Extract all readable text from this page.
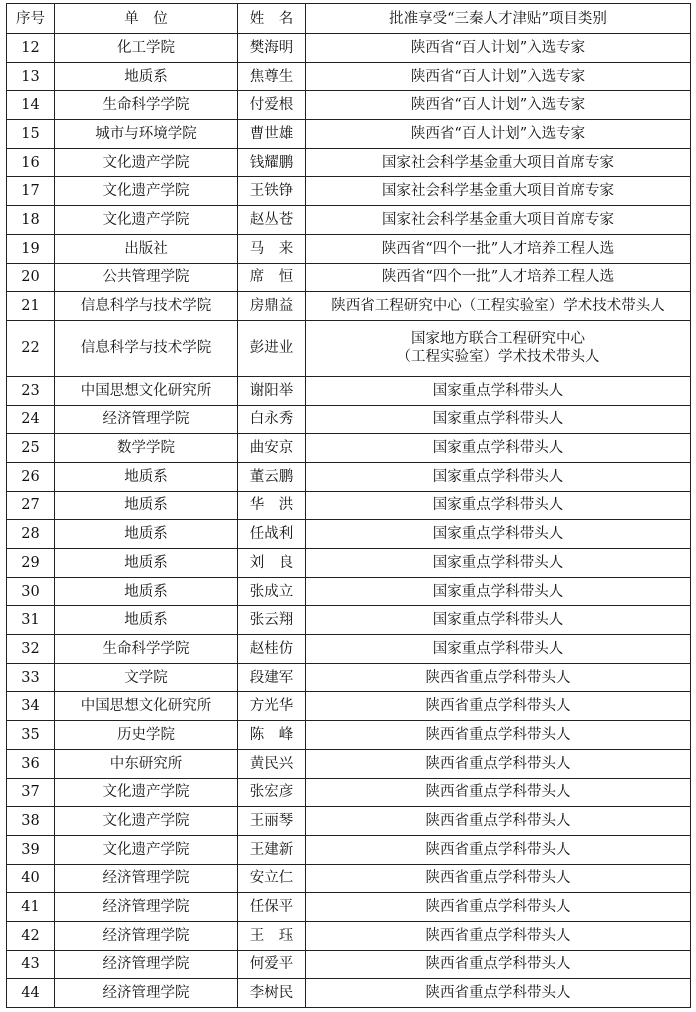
序号	单　位	姓　名	批准享受“三秦人才津贴”项目类别
12	化工学院	樊海明	陕西省“百人计划”入选专家
13	地质系	焦尊生	陕西省“百人计划”入选专家
14	生命科学学院	付爱根	陕西省“百人计划”入选专家
15	城市与环境学院	曹世雄	陕西省“百人计划”入选专家
16	文化遗产学院	钱耀鹏	国家社会科学基金重大项目首席专家
17	文化遗产学院	王铁铮	国家社会科学基金重大项目首席专家
18	文化遗产学院	赵丛苍	国家社会科学基金重大项目首席专家
19	出版社	马　来	陕西省“四个一批”人才培养工程人选
20	公共管理学院	席　恒	陕西省“四个一批”人才培养工程人选
21	信息科学与技术学院	房鼎益	陕西省工程研究中心（工程实验室）学术技术带头人
22	信息科学与技术学院	彭进业	国家地方联合工程研究中心
（工程实验室）学术技术带头人

23	中国思想文化研究所	谢阳举	国家重点学科带头人
24	经济管理学院	白永秀	国家重点学科带头人
25	数学学院	曲安京	国家重点学科带头人
26	地质系	董云鹏	国家重点学科带头人
27	地质系	华　洪	国家重点学科带头人
28	地质系	任战利	国家重点学科带头人
29	地质系	刘　良	国家重点学科带头人
30	地质系	张成立	国家重点学科带头人
31	地质系	张云翔	国家重点学科带头人
32	生命科学学院	赵桂仿	国家重点学科带头人
33	文学院	段建军	陕西省重点学科带头人
34	中国思想文化研究所	方光华	陕西省重点学科带头人
35	历史学院	陈　峰	陕西省重点学科带头人
36	中东研究所	黄民兴	陕西省重点学科带头人
37	文化遗产学院	张宏彦	陕西省重点学科带头人
38	文化遗产学院	王丽琴	陕西省重点学科带头人
39	文化遗产学院	王建新	陕西省重点学科带头人
40	经济管理学院	安立仁	陕西省重点学科带头人
41	经济管理学院	任保平	陕西省重点学科带头人
42	经济管理学院	王　珏	陕西省重点学科带头人
43	经济管理学院	何爱平	陕西省重点学科带头人
44	经济管理学院	李树民	陕西省重点学科带头人
